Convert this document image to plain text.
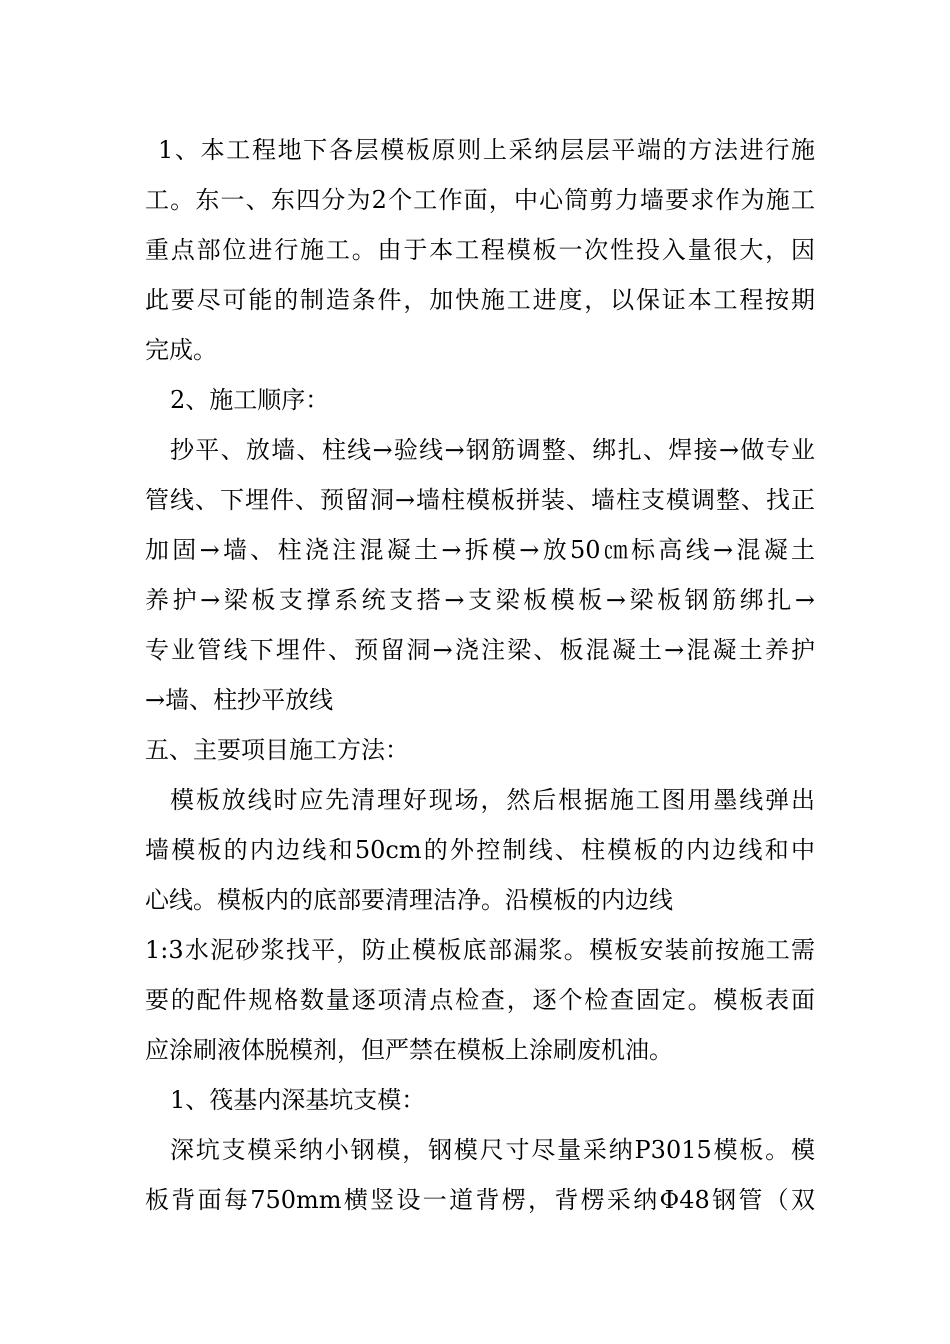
1、本工程地下各层模板原则上采纳层层平端的方法进行施
工。东一、东四分为2个工作面，中心筒剪力墙要求作为施工
重点部位进行施工。由于本工程模板一次性投入量很大，因
此要尽可能的制造条件，加快施工进度，以保证本工程按期
完成。
2、施工顺序：
抄平、放墙、柱线→验线→钢筋调整、绑扎、焊接→做专业
管线、下埋件、预留洞→墙柱模板拼装、墙柱支模调整、找正
加固→墙、柱浇注混凝土→拆模→放50㎝标高线→混凝土
养护→梁板支撑系统支搭→支梁板模板→梁板钢筋绑扎→
专业管线下埋件、预留洞→浇注梁、板混凝土→混凝土养护
→墙、柱抄平放线
五、主要项目施工方法：
模板放线时应先清理好现场，然后根据施工图用墨线弹出
墙模板的内边线和50cm的外控制线、柱模板的内边线和中
心线。模板内的底部要清理洁净。沿模板的内边线
1:3水泥砂浆找平，防止模板底部漏浆。模板安装前按施工需
要的配件规格数量逐项清点检查，逐个检查固定。模板表面
应涂刷液体脱模剂，但严禁在模板上涂刷废机油。
1、筏基内深基坑支模：
深坑支模采纳小钢模，钢模尺寸尽量采纳P3015模板。模
板背面每750mm横竖设一道背楞，背楞采纳Φ48钢管（双
